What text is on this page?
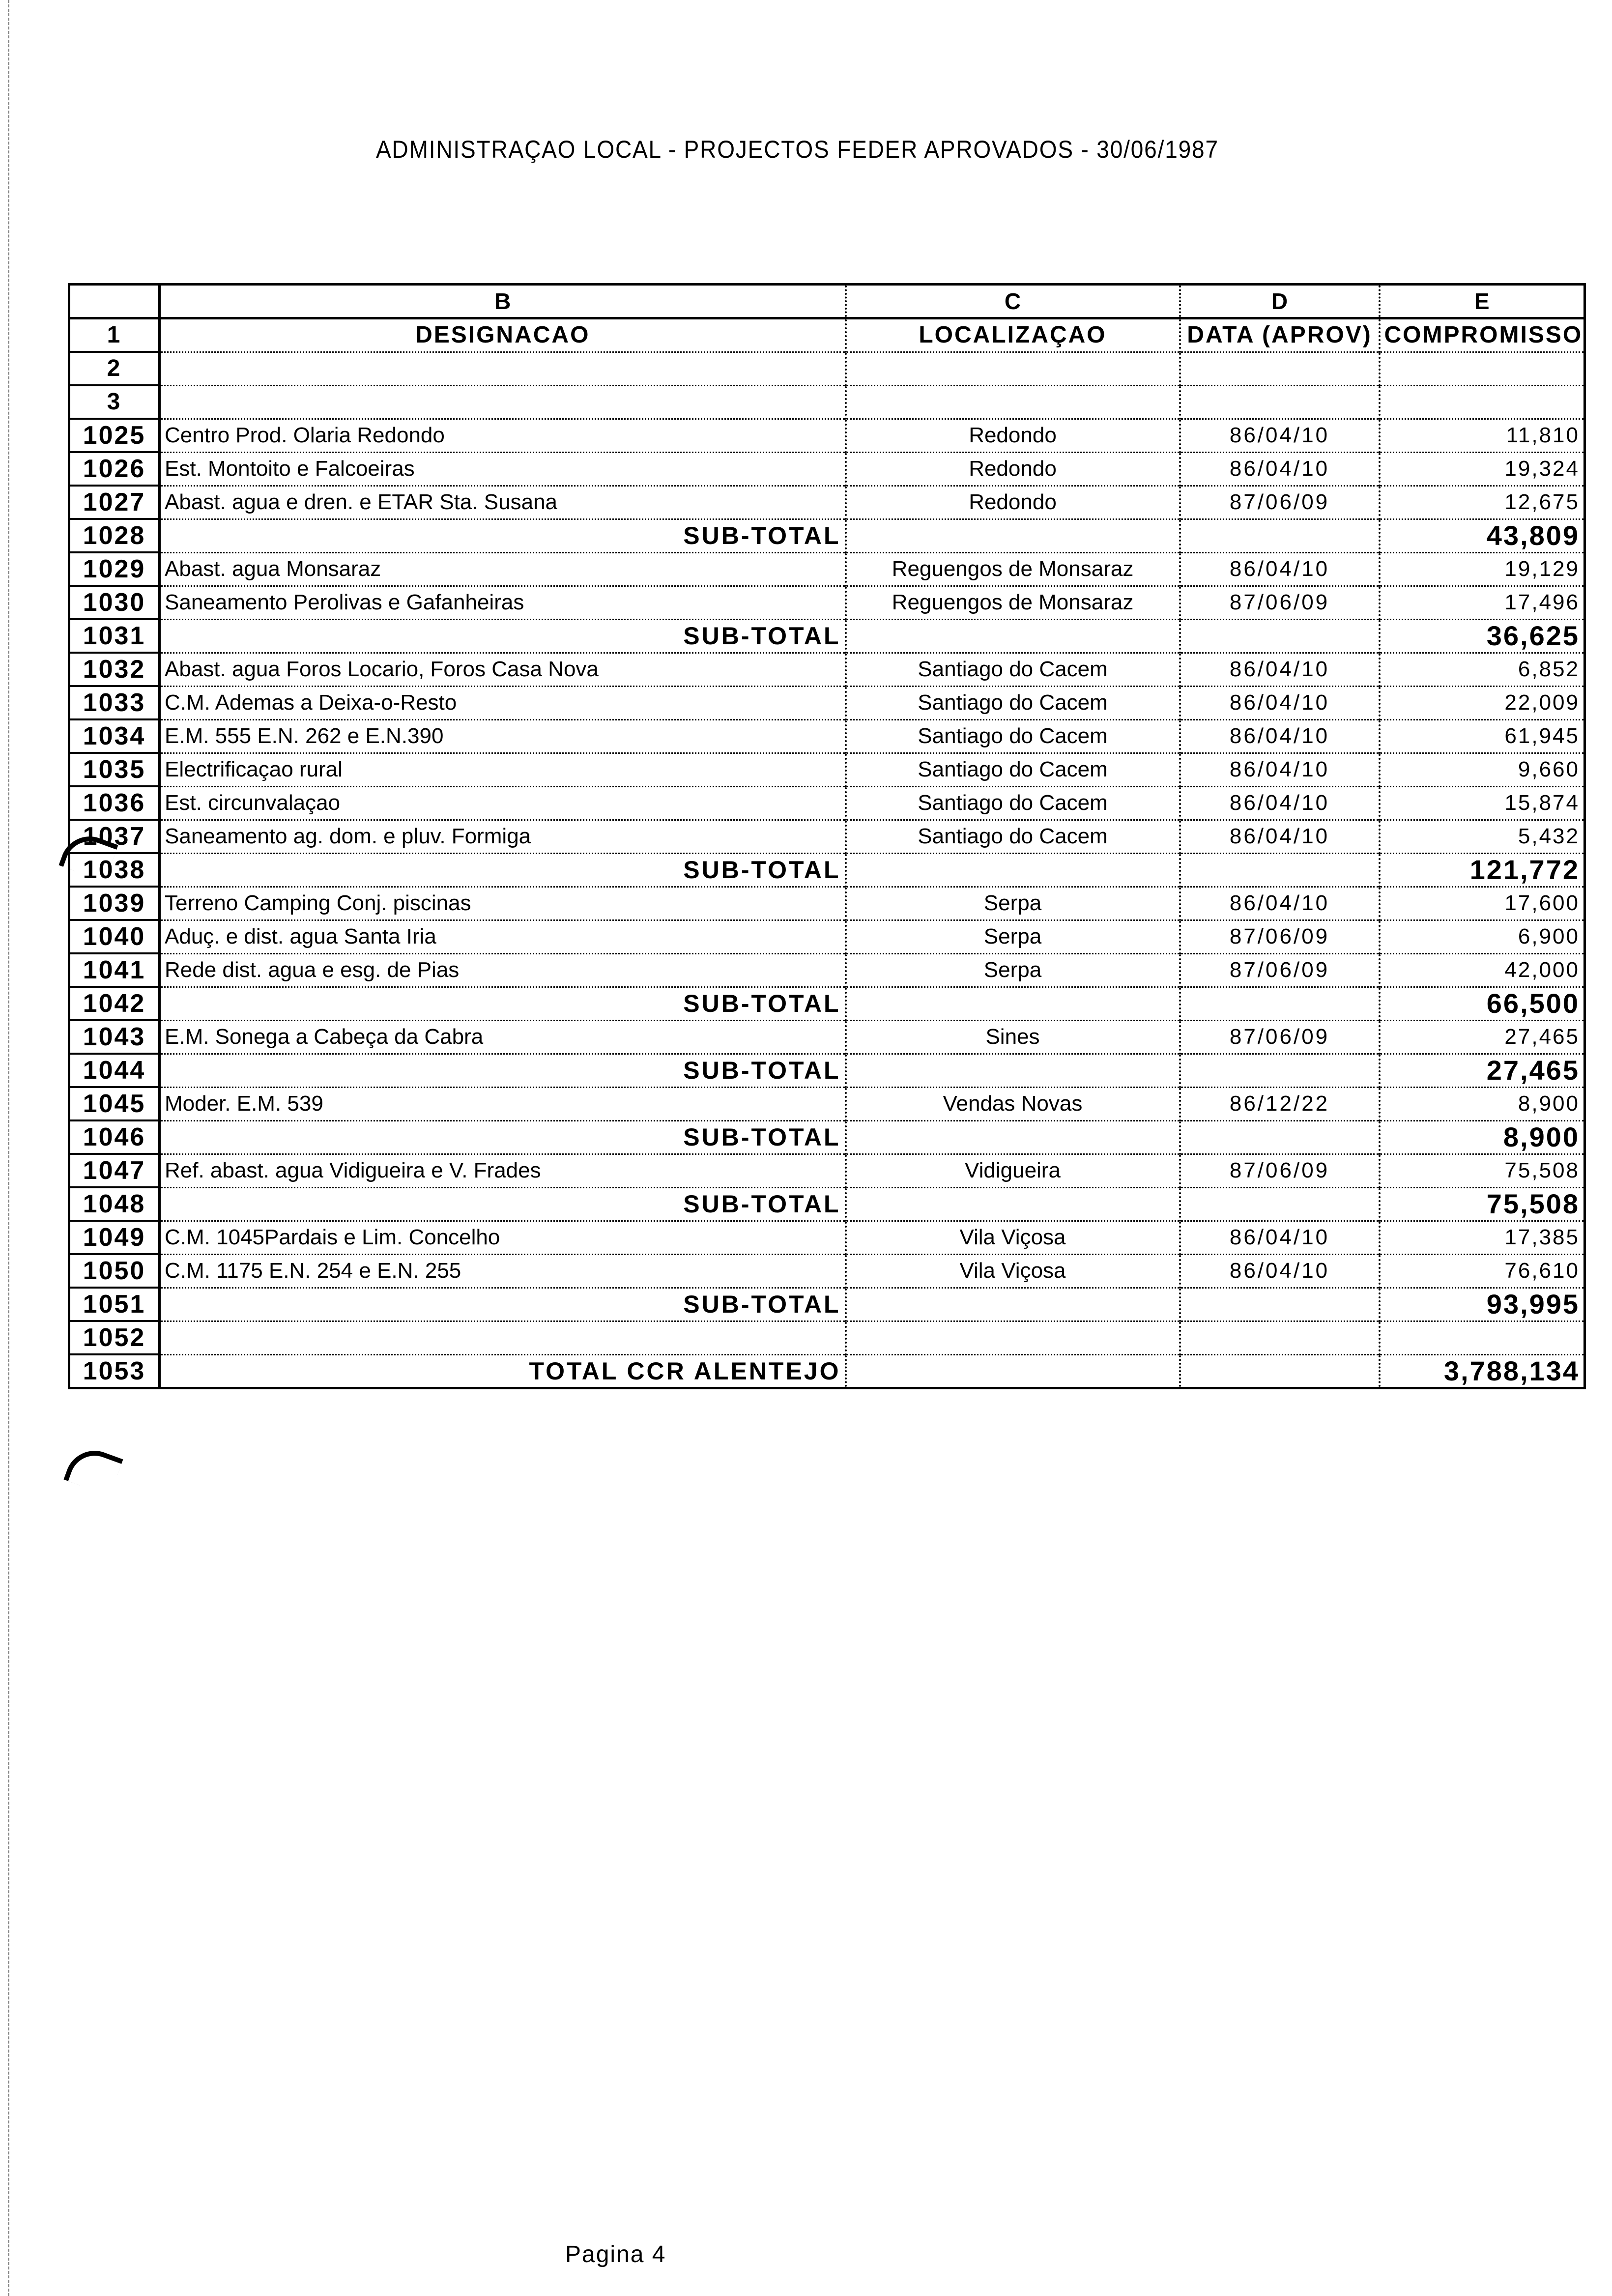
ADMINISTRAÇAO LOCAL - PROJECTOS FEDER APROVADOS - 30/06/1987
	B	C	D	E
1	DESIGNACAO	LOCALIZAÇAO	DATA (APROV)	COMPROMISSO
2				
3				
1025	Centro Prod. Olaria Redondo	Redondo	86/04/10	11,810
1026	Est. Montoito e Falcoeiras	Redondo	86/04/10	19,324
1027	Abast. agua e dren. e ETAR Sta. Susana	Redondo	87/06/09	12,675
1028	SUB-TOTAL			43,809
1029	Abast. agua Monsaraz	Reguengos de Monsaraz	86/04/10	19,129
1030	Saneamento Perolivas e Gafanheiras	Reguengos de Monsaraz	87/06/09	17,496
1031	SUB-TOTAL			36,625
1032	Abast. agua Foros Locario, Foros Casa Nova	Santiago do Cacem	86/04/10	6,852
1033	C.M. Ademas a Deixa-o-Resto	Santiago do Cacem	86/04/10	22,009
1034	E.M. 555 E.N. 262 e E.N.390	Santiago do Cacem	86/04/10	61,945
1035	Electrificaçao rural	Santiago do Cacem	86/04/10	9,660
1036	Est. circunvalaçao	Santiago do Cacem	86/04/10	15,874
1037	Saneamento ag. dom. e pluv. Formiga	Santiago do Cacem	86/04/10	5,432
1038	SUB-TOTAL			121,772
1039	Terreno Camping Conj. piscinas	Serpa	86/04/10	17,600
1040	Aduç. e dist. agua Santa Iria	Serpa	87/06/09	6,900
1041	Rede dist. agua e esg. de Pias	Serpa	87/06/09	42,000
1042	SUB-TOTAL			66,500
1043	E.M. Sonega a Cabeça da Cabra	Sines	87/06/09	27,465
1044	SUB-TOTAL			27,465
1045	Moder. E.M. 539	Vendas Novas	86/12/22	8,900
1046	SUB-TOTAL			8,900
1047	Ref. abast. agua Vidigueira e V. Frades	Vidigueira	87/06/09	75,508
1048	SUB-TOTAL			75,508
1049	C.M. 1045Pardais e Lim. Concelho	Vila Viçosa	86/04/10	17,385
1050	C.M. 1175 E.N. 254 e E.N. 255	Vila Viçosa	86/04/10	76,610
1051	SUB-TOTAL			93,995
1052				
1053	TOTAL CCR ALENTEJO			3,788,134
Pagina 4
